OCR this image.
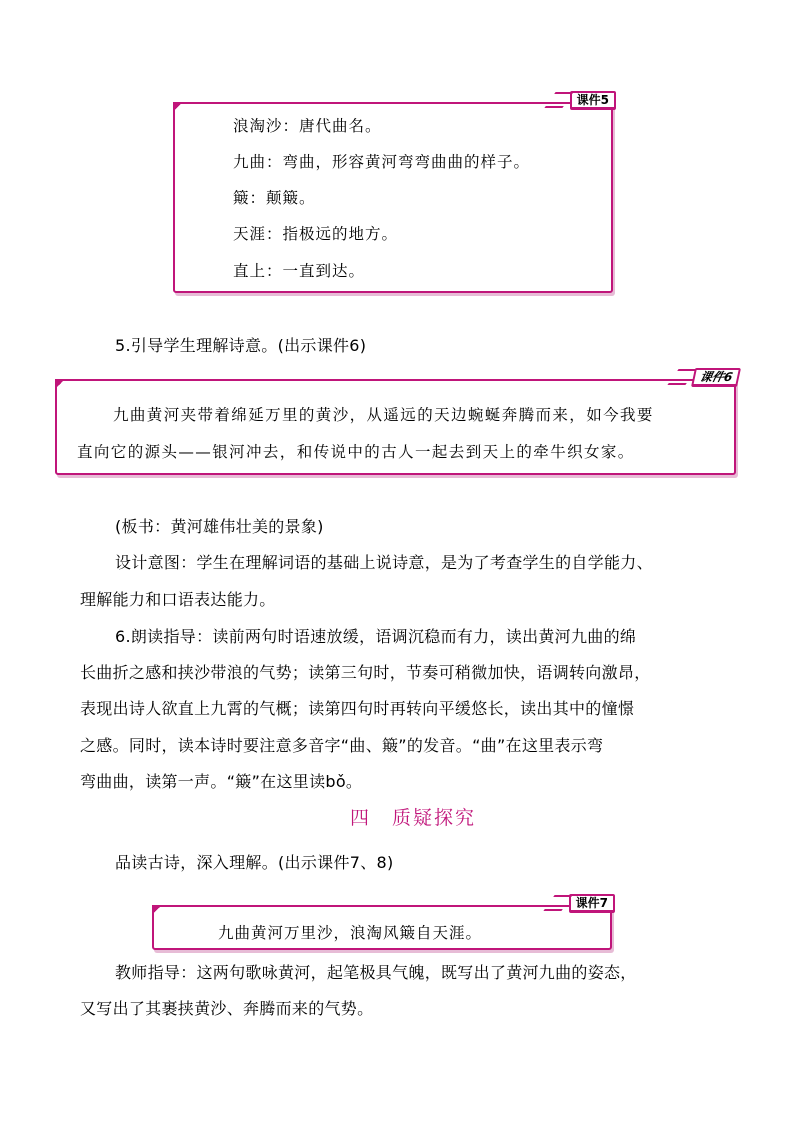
课件5
浪淘沙：唐代曲名。
九曲：弯曲，形容黄河弯弯曲曲的样子。
簸：颠簸。
天涯：指极远的地方。
直上：一直到达。
5.引导学生理解诗意。(出示课件6)
课件6
九曲黄河夹带着绵延万里的黄沙，从遥远的天边蜿蜒奔腾而来，如今我要
直向它的源头——银河冲去，和传说中的古人一起去到天上的牵牛织女家。
(板书：黄河雄伟壮美的景象)
设计意图：学生在理解词语的基础上说诗意，是为了考查学生的自学能力、
理解能力和口语表达能力。
6.朗读指导：读前两句时语速放缓，语调沉稳而有力，读出黄河九曲的绵
长曲折之感和挟沙带浪的气势；读第三句时，节奏可稍微加快，语调转向激昂，
表现出诗人欲直上九霄的气概；读第四句时再转向平缓悠长，读出其中的憧憬
之感。同时，读本诗时要注意多音字“曲、簸”的发音。“曲”在这里表示弯
弯曲曲，读第一声。“簸”在这里读bǒ。
四　质疑探究
品读古诗，深入理解。(出示课件7、8)
课件7
九曲黄河万里沙，浪淘风簸自天涯。
教师指导：这两句歌咏黄河，起笔极具气魄，既写出了黄河九曲的姿态，
又写出了其裹挟黄沙、奔腾而来的气势。
